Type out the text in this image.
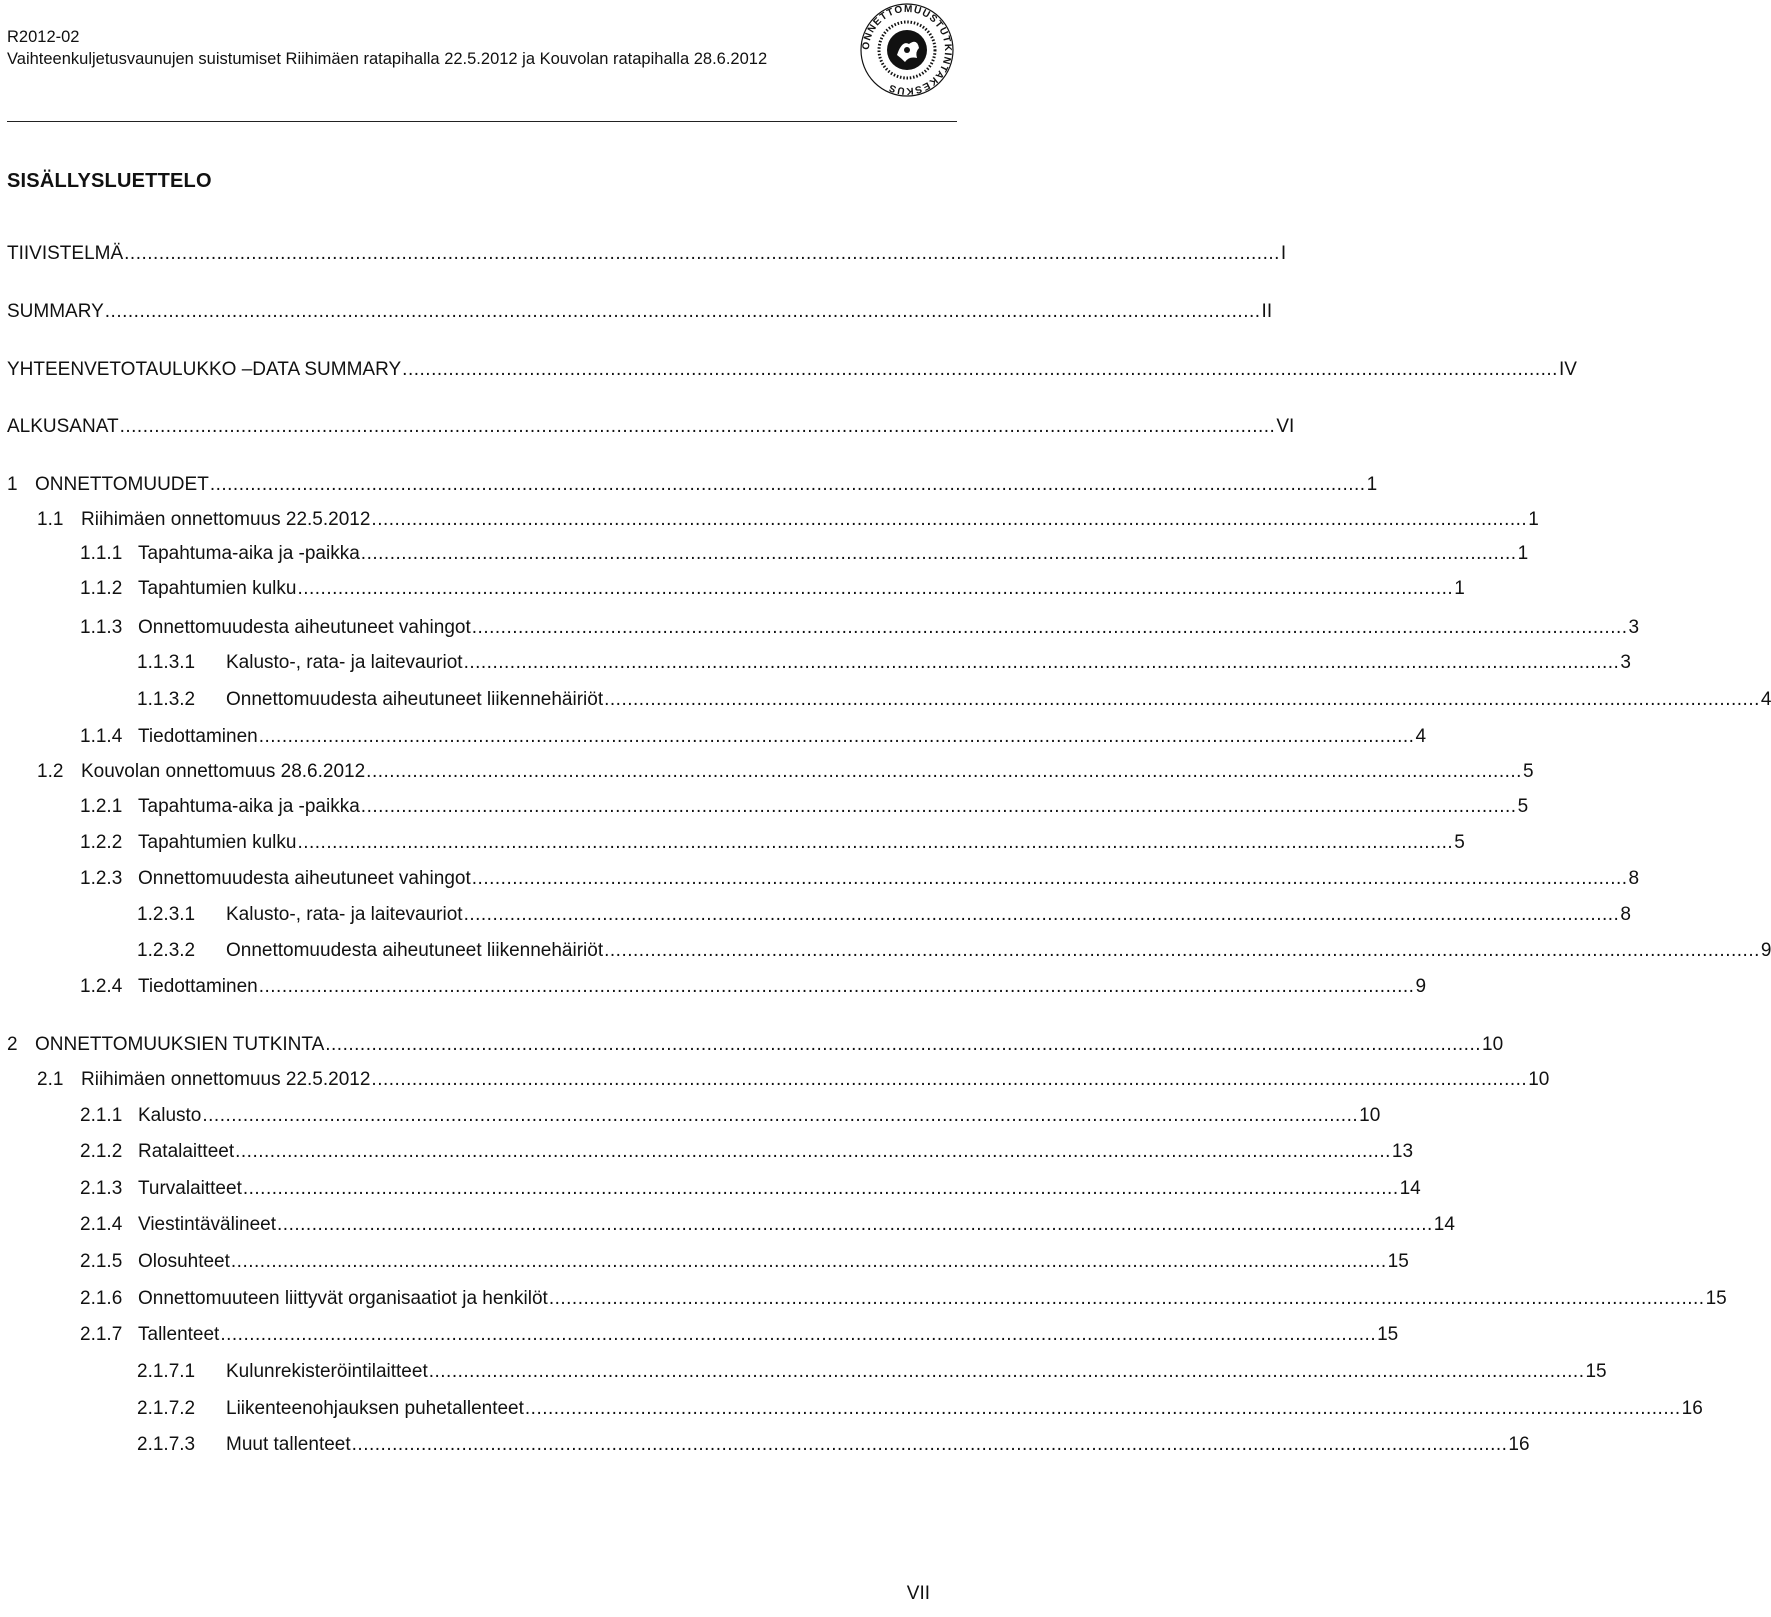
R2012-02
Vaihteenkuljetusvaunujen suistumiset Riihimäen ratapihalla 22.5.2012 ja Kouvolan ratapihalla 28.6.2012
ONNETTOMUUSTUTKINTAKESKUS
SISÄLLYSLUETTELO
TIIVISTELMÄ ........................................................................................................................................................................................................ I
SUMMARY ........................................................................................................................................................................................................ II
YHTEENVETOTAULUKKO –DATA SUMMARY ........................................................................................................................................................................................................ IV
ALKUSANAT ........................................................................................................................................................................................................ VI
1 ONNETTOMUUDET ........................................................................................................................................................................................................ 1
1.1 Riihimäen onnettomuus 22.5.2012 ........................................................................................................................................................................................................ 1
1.1.1 Tapahtuma-aika ja -paikka ........................................................................................................................................................................................................ 1
1.1.2 Tapahtumien kulku ........................................................................................................................................................................................................ 1
1.1.3 Onnettomuudesta aiheutuneet vahingot ........................................................................................................................................................................................................ 3
1.1.3.1	Kalusto-, rata- ja laitevauriot ........................................................................................................................................................................................................ 3
1.1.3.2	Onnettomuudesta aiheutuneet liikennehäiriöt ........................................................................................................................................................................................................ 4
1.1.4 Tiedottaminen ........................................................................................................................................................................................................ 4
1.2 Kouvolan onnettomuus 28.6.2012 ........................................................................................................................................................................................................ 5
1.2.1 Tapahtuma-aika ja -paikka ........................................................................................................................................................................................................ 5
1.2.2 Tapahtumien kulku ........................................................................................................................................................................................................ 5
1.2.3 Onnettomuudesta aiheutuneet vahingot ........................................................................................................................................................................................................ 8
1.2.3.1	Kalusto-, rata- ja laitevauriot ........................................................................................................................................................................................................ 8
1.2.3.2	Onnettomuudesta aiheutuneet liikennehäiriöt ........................................................................................................................................................................................................ 9
1.2.4 Tiedottaminen ........................................................................................................................................................................................................ 9
2 ONNETTOMUUKSIEN TUTKINTA ........................................................................................................................................................................................................ 10
2.1 Riihimäen onnettomuus 22.5.2012 ........................................................................................................................................................................................................ 10
2.1.1 Kalusto ........................................................................................................................................................................................................ 10
2.1.2 Ratalaitteet ........................................................................................................................................................................................................ 13
2.1.3 Turvalaitteet ........................................................................................................................................................................................................ 14
2.1.4 Viestintävälineet ........................................................................................................................................................................................................ 14
2.1.5 Olosuhteet ........................................................................................................................................................................................................ 15
2.1.6 Onnettomuuteen liittyvät organisaatiot ja henkilöt ........................................................................................................................................................................................................ 15
2.1.7 Tallenteet ........................................................................................................................................................................................................ 15
2.1.7.1	Kulunrekisteröintilaitteet ........................................................................................................................................................................................................ 15
2.1.7.2	Liikenteenohjauksen puhetallenteet ........................................................................................................................................................................................................ 16
2.1.7.3	Muut tallenteet ........................................................................................................................................................................................................ 16
VII
